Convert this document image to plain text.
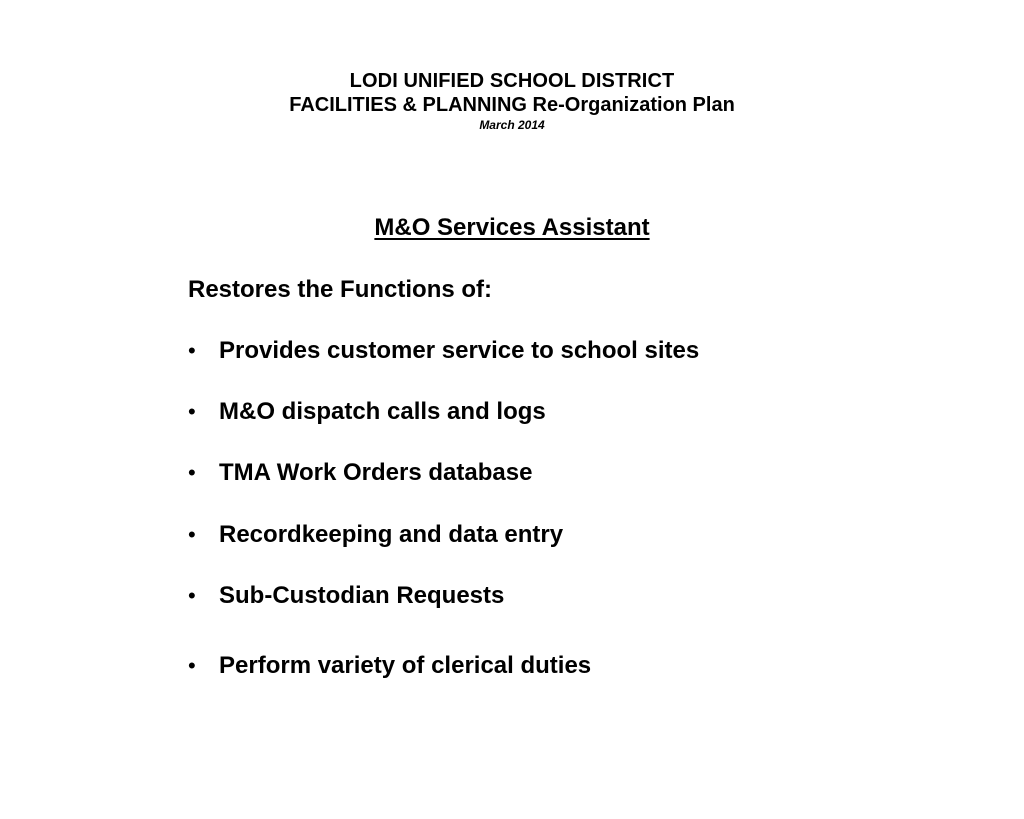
LODI UNIFIED SCHOOL DISTRICT
FACILITIES & PLANNING Re-Organization Plan
March 2014
M&O Services Assistant
Restores the Functions of:
• Provides customer service to school sites
• M&O dispatch calls and logs
• TMA Work Orders database
• Recordkeeping and data entry
• Sub-Custodian Requests
• Perform variety of clerical duties
